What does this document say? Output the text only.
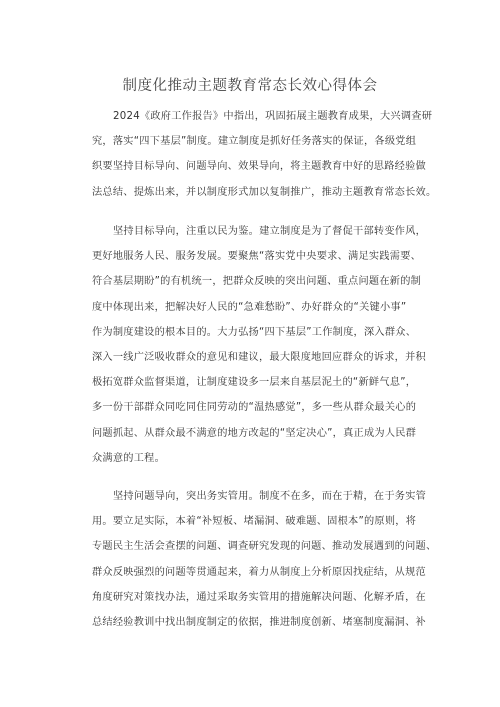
制度化推动主题教育常态长效心得体会
2024《政府工作报告》中指出，巩固拓展主题教育成果，大兴调查研
究，落实“四下基层”制度。建立制度是抓好任务落实的保证，各级党组
织要坚持目标导向、问题导向、效果导向，将主题教育中好的思路经验做
法总结、提炼出来，并以制度形式加以复制推广，推动主题教育常态长效。
坚持目标导向，注重以民为鉴。建立制度是为了督促干部转变作风，
更好地服务人民、服务发展。要聚焦“落实党中央要求、满足实践需要、
符合基层期盼”的有机统一，把群众反映的突出问题、重点问题在新的制
度中体现出来，把解决好人民的“急难愁盼”、办好群众的“关键小事”
作为制度建设的根本目的。大力弘扬“四下基层”工作制度，深入群众、
深入一线广泛吸收群众的意见和建议，最大限度地回应群众的诉求，并积
极拓宽群众监督渠道，让制度建设多一层来自基层泥土的“新鲜气息”，
多一份干部群众同吃同住同劳动的“温热感觉”，多一些从群众最关心的
问题抓起、从群众最不满意的地方改起的“坚定决心”，真正成为人民群
众满意的工程。
坚持问题导向，突出务实管用。制度不在多，而在于精，在于务实管
用。要立足实际，本着“补短板、堵漏洞、破难题、固根本”的原则，将
专题民主生活会查摆的问题、调查研究发现的问题、推动发展遇到的问题、
群众反映强烈的问题等贯通起来，着力从制度上分析原因找症结，从规范
角度研究对策找办法，通过采取务实管用的措施解决问题、化解矛盾，在
总结经验教训中找出制度制定的依据，推进制度创新、堵塞制度漏洞、补
